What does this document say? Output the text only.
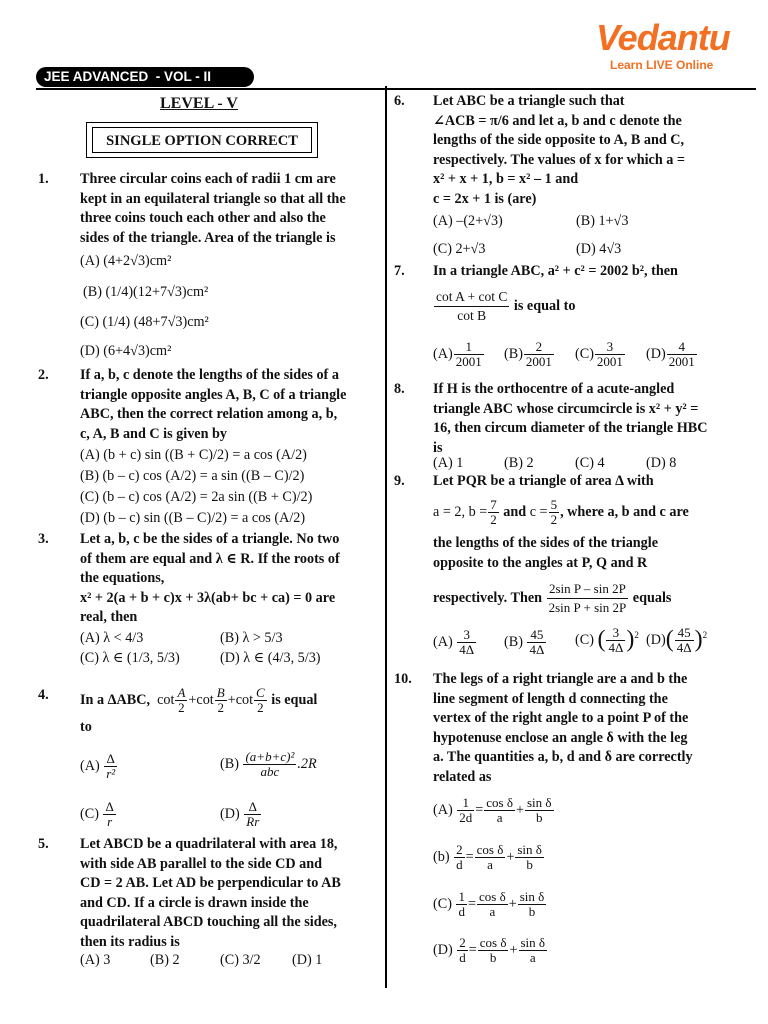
Vedantu
Learn LIVE Online
JEE ADVANCED  - VOL - II
LEVEL - V
SINGLE OPTION CORRECT
1. Three circular coins each of radii 1 cm are
kept in an equilateral triangle so that all the
three coins touch each other and also the
sides of the triangle. Area of the triangle is
(A) (4+2√3)cm²
(B) (1/4)(12+7√3)cm²
(C) (1/4) (48+7√3)cm²
(D) (6+4√3)cm²
2. If a, b, c denote the lengths of the sides of a
triangle opposite angles A, B, C of a triangle
ABC, then the correct relation among a, b,
c, A, B and C is given by
(A) (b + c) sin ((B + C)/2) = a cos (A/2)
(B) (b – c) cos (A/2) = a sin ((B – C)/2)
(C) (b – c) cos (A/2) = 2a sin ((B + C)/2)
(D) (b – c) sin ((B – C)/2) = a cos (A/2)
3. Let a, b, c be the sides of a triangle. No two
of them are equal and λ ∈ R. If the roots of
the equations,
x² + 2(a + b + c)x + 3λ(ab+ bc + ca) = 0 are
real, then
(A) λ < 4/3	(B) λ > 5/3
(C) λ ∈ (1/3, 5/3)	(D) λ ∈ (4/3, 5/3)
4. In a ΔABC,  $\cot \frac{A}{2} +\cot \frac{B}{2} +\cot \frac{C}{2}$ is equal
to
$(A) \frac{\Delta}{\text{r²}}$	$(B) \frac{\text{(a+b+c)²}}{\text{abc}} .2R$
$(C) \frac{\Delta}{r}$	$(D) \frac{\Delta}{Rr}$
5. Let ABCD be a quadrilateral with area 18,
with side AB parallel to the side CD and
CD = 2 AB. Let AD be perpendicular to AB
and CD. If a circle is drawn inside the
quadrilateral ABCD touching all the sides,
then its radius is
(A) 3	(B) 2	(C) 3/2 (D) 1
6. Let ABC be a triangle such that
∠ACB = π/6 and let a, b and c denote the
lengths of the side opposite to A, B and C,
respectively. The values of x for which a =
x² + x + 1, b = x² – 1 and
c = 2x + 1 is (are)
(A) –(2+√3)	(B) 1+√3
(C) 2+√3	(D) 4√3
7. In a triangle ABC, a² + c² = 2002 b², then
$\frac{\text{cot A + cot C}}{\text{cot B}}$ is equal to
$(A) \frac{1}{2001} (B) \frac{2}{2001} (C) \frac{3}{2001} (D) \frac{4}{2001}$
8. If H is the orthocentre of a acute-angled
triangle ABC whose circumcircle is x² + y² =
16, then circum diameter of the triangle HBC
is
(A) 1	(B) 2	(C) 4	(D) 8
9. Let PQR be a triangle of area Δ with
a = 2, $b = \frac{7}{2}$ and $c = \frac{5}{2}$ , where a, b and c are
the lengths of the sides of the triangle
opposite to the angles at P, Q and R
respectively. Then $\frac{\text{2sin P – sin 2P}}{\text{2sin P + sin 2P}}$ equals
$(A) \frac{3}{4\Delta} (B) \frac{45}{4\Delta} (C)$ ( $\frac{3}{4\Delta} )^2$ $(D)( \frac{45}{4\Delta} )^2$
10. The legs of a right triangle are a and b the
line segment of length d connecting the
vertex of the right angle to a point P of the
hypotenuse enclose an angle δ with the leg
a. The quantities a, b, d and δ are correctly
related as
$(A) \frac{1}{2d} = \frac{\text{cos δ}}{a} + \frac{\text{sin δ}}{b}$
$(b) \frac{2}{d} = \frac{\text{cos δ}}{a} + \frac{\text{sin δ}}{b}$
$(C) \frac{1}{d} = \frac{\text{cos δ}}{a} + \frac{\text{sin δ}}{b}$
$(D) \frac{2}{d} = \frac{\text{cos δ}}{b} + \frac{\text{sin δ}}{a}$
